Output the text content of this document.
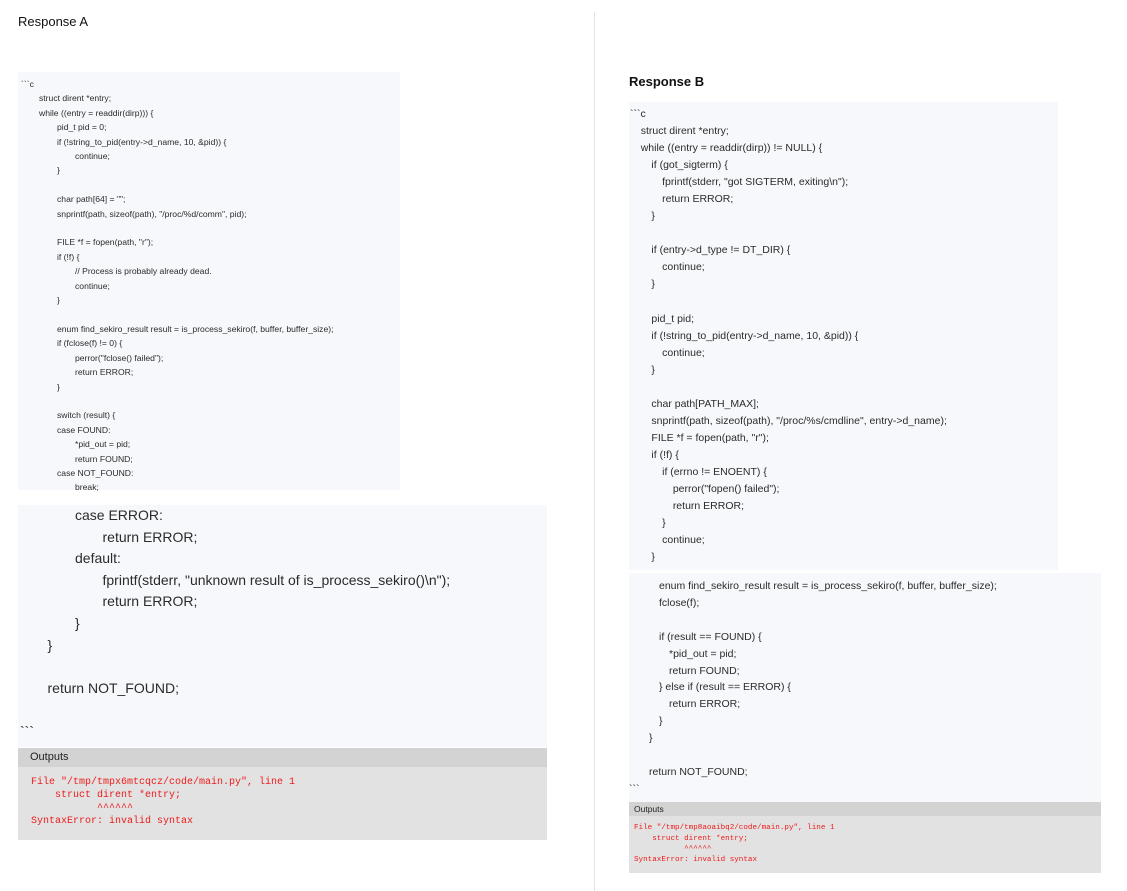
Response A
```c
	struct dirent *entry;
	while ((entry = readdir(dirp))) {
		pid_t pid = 0;
		if (!string_to_pid(entry->d_name, 10, &pid)) {
			continue;
		}
		char path[64] = "";
		snprintf(path, sizeof(path), "/proc/%d/comm", pid);
		FILE *f = fopen(path, "r");
		if (!f) {
			// Process is probably already dead.
			continue;
		}
		enum find_sekiro_result result = is_process_sekiro(f, buffer, buffer_size);
		if (fclose(f) != 0) {
			perror("fclose() failed");
			return ERROR;
		}
		switch (result) {
		case FOUND:
			*pid_out = pid;
			return FOUND;
		case NOT_FOUND:
			break;
		case ERROR:
			return ERROR;
		default:
			fprintf(stderr, "unknown result of is_process_sekiro()\n");
			return ERROR;
		}
	}
	return NOT_FOUND;
```
Outputs
File "/tmp/tmpx6mtcqcz/code/main.py", line 1
struct dirent *entry;
^^^^^^
SyntaxError: invalid syntax
Response B
```c
	struct dirent *entry;
	while ((entry = readdir(dirp)) != NULL) {
		if (got_sigterm) {
			fprintf(stderr, "got SIGTERM, exiting\n");
			return ERROR;
		}
		if (entry->d_type != DT_DIR) {
			continue;
		}
		pid_t pid;
		if (!string_to_pid(entry->d_name, 10, &pid)) {
			continue;
		}
		char path[PATH_MAX];
		snprintf(path, sizeof(path), "/proc/%s/cmdline", entry->d_name);
		FILE *f = fopen(path, "r");
		if (!f) {
			if (errno != ENOENT) {
				perror("fopen() failed");
				return ERROR;
			}
			continue;
		}
			enum find_sekiro_result result = is_process_sekiro(f, buffer, buffer_size);
			fclose(f);
			if (result == FOUND) {
				*pid_out = pid;
				return FOUND;
			} else if (result == ERROR) {
				return ERROR;
			}
		}
		return NOT_FOUND;
```
Outputs
File "/tmp/tmp8aoaibq2/code/main.py", line 1
struct dirent *entry;
^^^^^^
SyntaxError: invalid syntax
